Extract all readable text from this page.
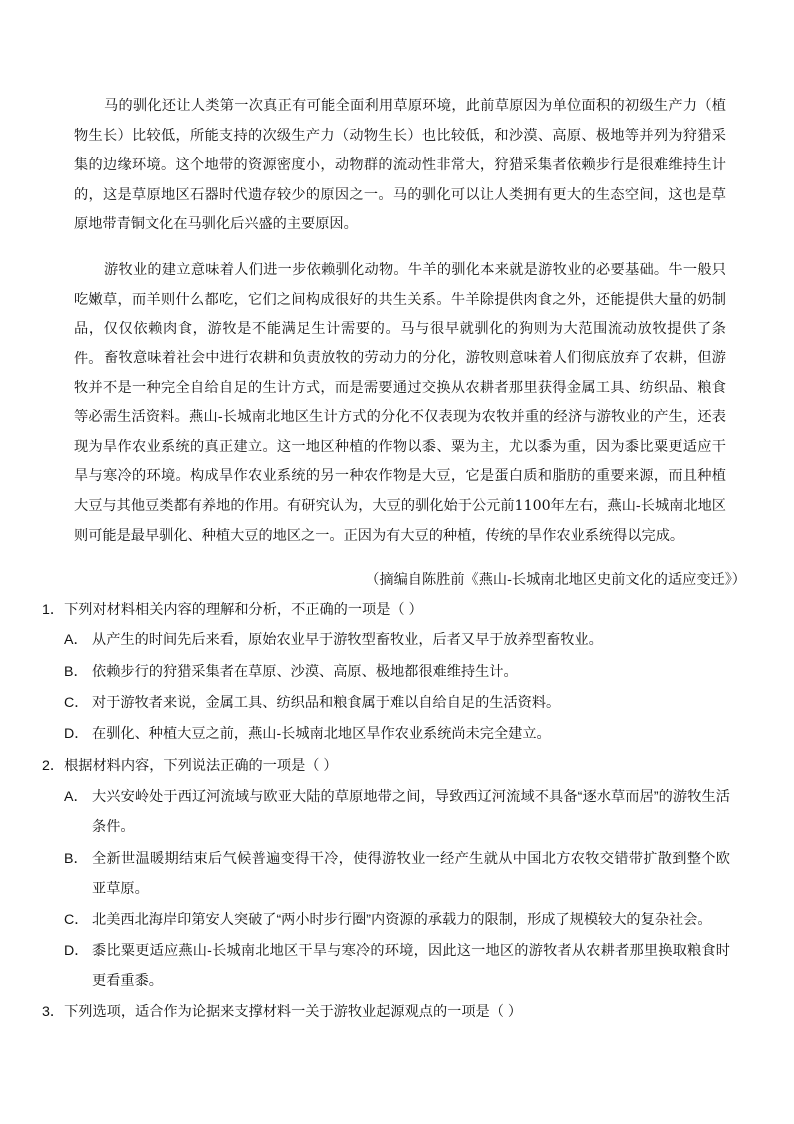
马的驯化还让人类第一次真正有可能全面利用草原环境，此前草原因为单位面积的初级生产力（植物生长）比较低，所能支持的次级生产力（动物生长）也比较低，和沙漠、高原、极地等并列为狩猎采集的边缘环境。这个地带的资源密度小，动物群的流动性非常大，狩猎采集者依赖步行是很难维持生计的，这是草原地区石器时代遗存较少的原因之一。马的驯化可以让人类拥有更大的生态空间，这也是草原地带青铜文化在马驯化后兴盛的主要原因。

游牧业的建立意味着人们进一步依赖驯化动物。牛羊的驯化本来就是游牧业的必要基础。牛一般只吃嫩草，而羊则什么都吃，它们之间构成很好的共生关系。牛羊除提供肉食之外，还能提供大量的奶制品，仅仅依赖肉食，游牧是不能满足生计需要的。马与很早就驯化的狗则为大范围流动放牧提供了条件。 畜牧意味着社会中进行农耕和负责放牧的劳动力的分化，游牧则意味着人们彻底放弃了农耕，但游牧并不是一种完全自给自足的生计方式，而是需要通过交换从农耕者那里获得金属工具、纺织品、粮食等必需生活资料。燕山-长城南北地区生计方式的分化不仅表现为农牧并重的经济与游牧业的产生，还表现为旱作农业系统的真正建立。这一地区种植的作物以黍、粟为主，尤以黍为重，因为黍比粟更适应干旱与寒冷的环境。构成旱作农业系统的另一种农作物是大豆，它是蛋白质和脂肪的重要来源，而且种植大豆与其他豆类都有养地的作用。有研究认为，大豆的驯化始于公元前1100年左右，燕山-长城南北地区则可能是最早驯化、种植大豆的地区之一。正因为有大豆的种植，传统的旱作农业系统得以完成。

（摘编自陈胜前《燕山-长城南北地区史前文化的适应变迁》）

1．下列对材料相关内容的理解和分析，不正确的一项是（ ）

A． 从产生的时间先后来看，原始农业早于游牧型畜牧业，后者又早于放养型畜牧业。
B． 依赖步行的狩猎采集者在草原、沙漠、高原、极地都很难维持生计。
C． 对于游牧者来说，金属工具、纺织品和粮食属于难以自给自足的生活资料。
D． 在驯化、种植大豆之前，燕山-长城南北地区旱作农业系统尚未完全建立。

2．根据材料内容，下列说法正确的一项是（ ）

A． 大兴安岭处于西辽河流域与欧亚大陆的草原地带之间，导致西辽河流域不具备“逐水草而居”的游牧生活条件。
B． 全新世温暖期结束后气候普遍变得干冷，使得游牧业一经产生就从中国北方农牧交错带扩散到整个欧亚草原。
C． 北美西北海岸印第安人突破了“两小时步行圈”内资源的承载力的限制，形成了规模较大的复杂社会。
D． 黍比粟更适应燕山-长城南北地区干旱与寒冷的环境，因此这一地区的游牧者从农耕者那里换取粮食时更看重黍。

3．下列选项，适合作为论据来支撑材料一关于游牧业起源观点的一项是（ ）
